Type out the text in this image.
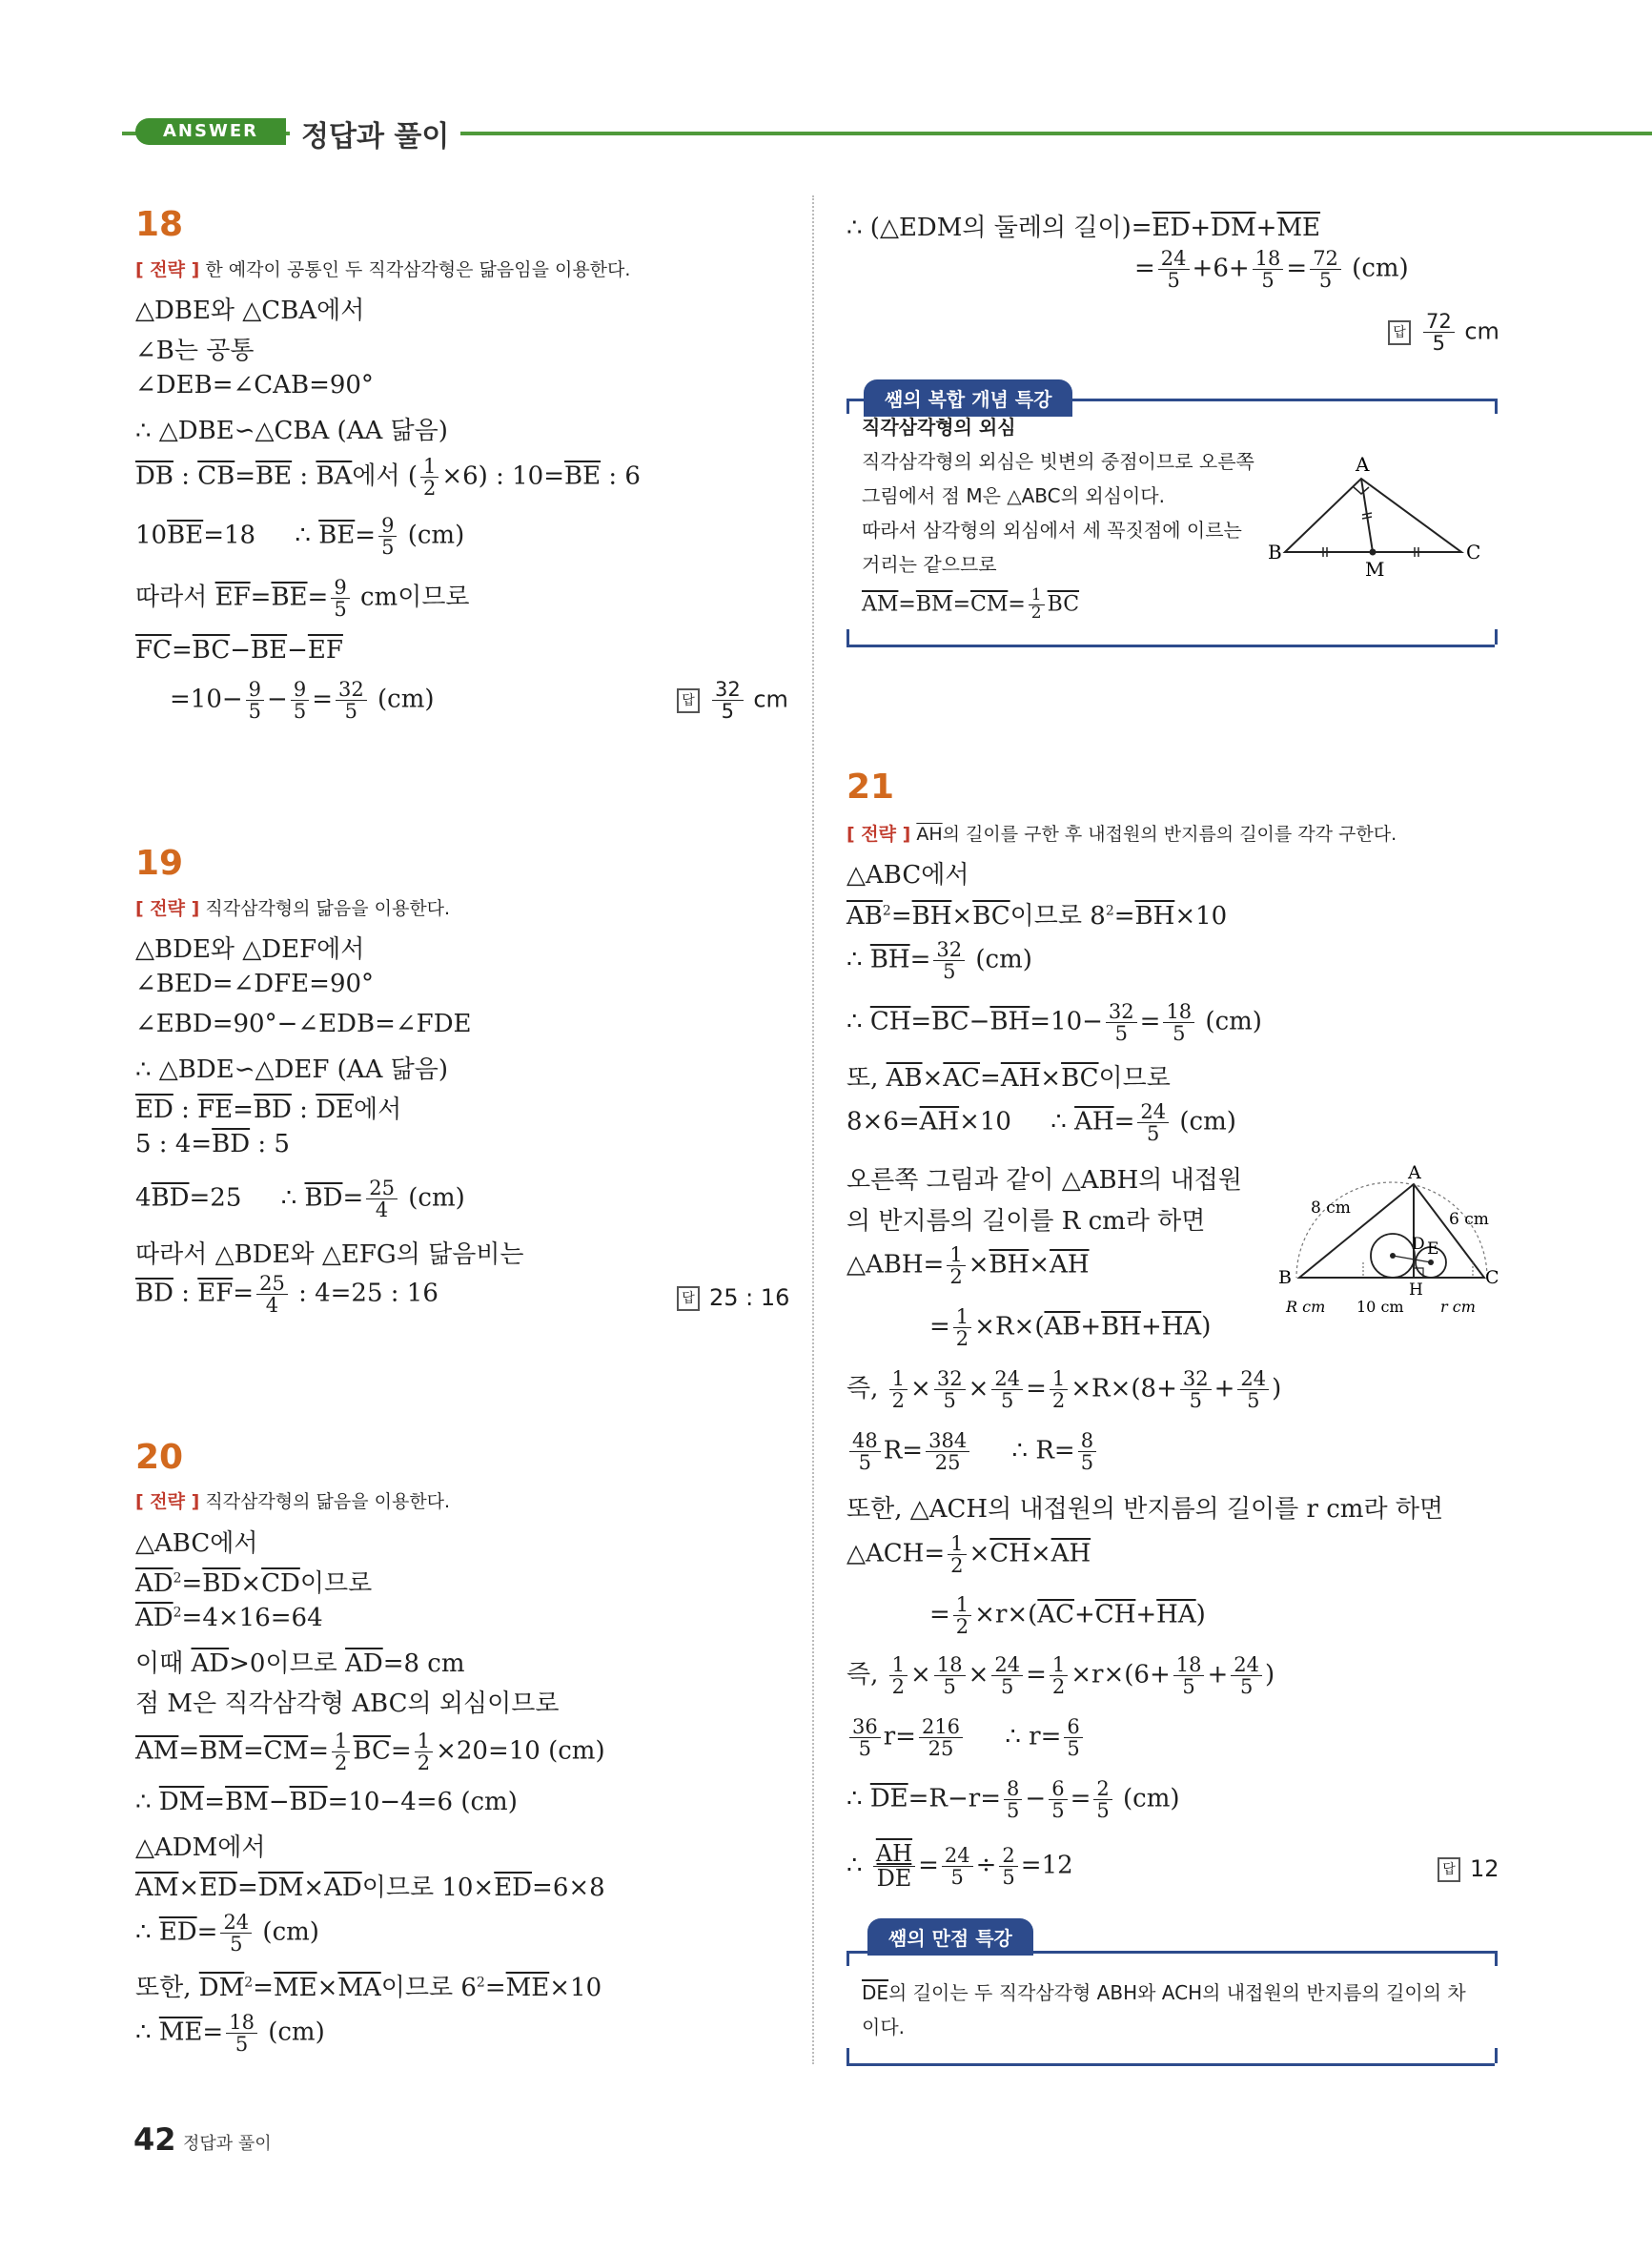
ANSWER	정답과 풀이
18
[ 전략 ] 한 예각이 공통인 두 직각삼각형은 닮음임을 이용한다.
△DBE와 △CBA에서
∠B는 공통
∠DEB=∠CAB=90°
∴ △DBE∽△CBA (AA 닮음)
$\overline{DB}$ : $\overline{CB}=\overline{BE}$ : $\overline{BA}$에서 ( $\frac{1}{2} \times 6$) : $10=\overline{BE}$ : 6
$10\overline{BE}=18$     ∴ $\overline{BE}= \frac{9}{5} (cm)$
따라서 $\overline{EF}=\overline{BE}= \frac{9}{5}$ cm이므로
$\overline{FC}=\overline{BC}-\overline{BE}-\overline{EF}$
$=10- \frac{9}{5} - \frac{9}{5} = \frac{32}{5} (cm)$	답 $\frac{32}{5}$ cm
19
[ 전략 ] 직각삼각형의 닮음을 이용한다.
△BDE와 △DEF에서
∠BED=∠DFE=90°
∠EBD=90°−∠EDB=∠FDE
∴ △BDE∽△DEF (AA 닮음)
$\overline{ED}$ : $\overline{FE}=\overline{BD}$ : $\overline{DE}$에서
5 : $4=\overline{BD}$ : 5
$4\overline{BD}=25$     ∴ $\overline{BD}= \frac{25}{4} (cm)$
따라서 △BDE와 △EFG의 닮음비는
$\overline{BD}$ : $\overline{EF}= \frac{25}{4}$ : 4=25 : 16	답 25 : 16
20
[ 전략 ] 직각삼각형의 닮음을 이용한다.
△ABC에서
$\overline{AD}^2=\overline{BD}\times\overline{CD}$이므로
$\overline{AD}^2=4\times 16=64$
이때 $\overline{AD}>0$이므로 $\overline{AD}=8$ cm
점 M은 직각삼각형 ABC의 외심이므로
$\overline{AM}=\overline{BM}=\overline{CM}= \frac{1}{2} \overline{BC}= \frac{1}{2} \times 20=10$ (cm)
∴ $\overline{DM}=\overline{BM}-\overline{BD}=10-4=6$ (cm)
△ADM에서
$\overline{AM}\times\overline{ED}=\overline{DM}\times\overline{AD}$이므로 $10\times\overline{ED}=6\times 8$
∴ $\overline{ED}= \frac{24}{5} (cm)$
또한, $\overline{DM}^2=\overline{ME}\times\overline{MA}$이므로 $6^2=\overline{ME}\times 10$
∴ $\overline{ME}= \frac{18}{5} (cm)$
∴ (△EDM의 둘레의 길이)$=\overline{ED}+\overline{DM}+\overline{ME}$
= $\frac{24}{5} +6+ \frac{18}{5} = \frac{72}{5} (cm)$
답 $\frac{72}{5}$ cm
쌤의 복합 개념 특강
직각삼각형의 외심
직각삼각형의 외심은 빗변의 중점이므로 오른쪽
그림에서 점 M은 △ABC의 외심이다.
따라서 삼각형의 외심에서 세 꼭짓점에 이르는
거리는 같으므로
$\overline{AM}=\overline{BM}=\overline{CM}= \frac{1}{2} \overline{BC}$
A
B	C
M
21
[ 전략 ] $\overline{AH}$의 길이를 구한 후 내접원의 반지름의 길이를 각각 구한다.
△ABC에서
$\overline{AB}^2=\overline{BH}\times\overline{BC}$이므로 $8^2=\overline{BH}\times 10$
∴ $\overline{BH}= \frac{32}{5} (cm)$
∴ $\overline{CH}=\overline{BC}-\overline{BH}=10- \frac{32}{5} = \frac{18}{5} (cm)$
또, $\overline{AB}\times\overline{AC}=\overline{AH}\times\overline{BC}$이므로
$8\times 6=\overline{AH}\times 10$     ∴ $\overline{AH}= \frac{24}{5} (cm)$
오른쪽 그림과 같이 △ABH의 내접원
의 반지름의 길이를 R cm라 하면
△ABH= $\frac{1}{2} \times\overline{BH}\times\overline{AH}$
= $\frac{1}{2} \times R\times(\overline{AB}+\overline{BH}+\overline{HA})$
즉, $\frac{1}{2} \times \frac{32}{5} \times \frac{24}{5} = \frac{1}{2} \times R\times(8+ \frac{32}{5} + \frac{24}{5}$ )
$\frac{48}{5} R= \frac{384}{25}$ ∴ $R= \frac{8}{5}$
또한, △ACH의 내접원의 반지름의 길이를 r cm라 하면
△ACH= $\frac{1}{2} \times\overline{CH}\times\overline{AH}$
= $\frac{1}{2} \times r\times(\overline{AC}+\overline{CH}+\overline{HA})$
즉, $\frac{1}{2} \times \frac{18}{5} \times \frac{24}{5} = \frac{1}{2} \times r\times(6+ \frac{18}{5} + \frac{24}{5}$ )
$\frac{36}{5} r= \frac{216}{25}$ ∴ $r= \frac{6}{5}$
∴ $\overline{DE}=R-r= \frac{8}{5} - \frac{6}{5} = \frac{2}{5} (cm)$
∴ $\frac{\overline{AH}}{DE} = \frac{24}{5} \div \frac{2}{5} =12$	답 12
A
B	C
D E
H
8 cm
6 cm
10 cm
R cm	r cm
쌤의 만점 특강
$\overline{DE}$의 길이는 두 직각삼각형 ABH와 ACH의 내접원의 반지름의 길이의 차
이다.
42 정답과 풀이
